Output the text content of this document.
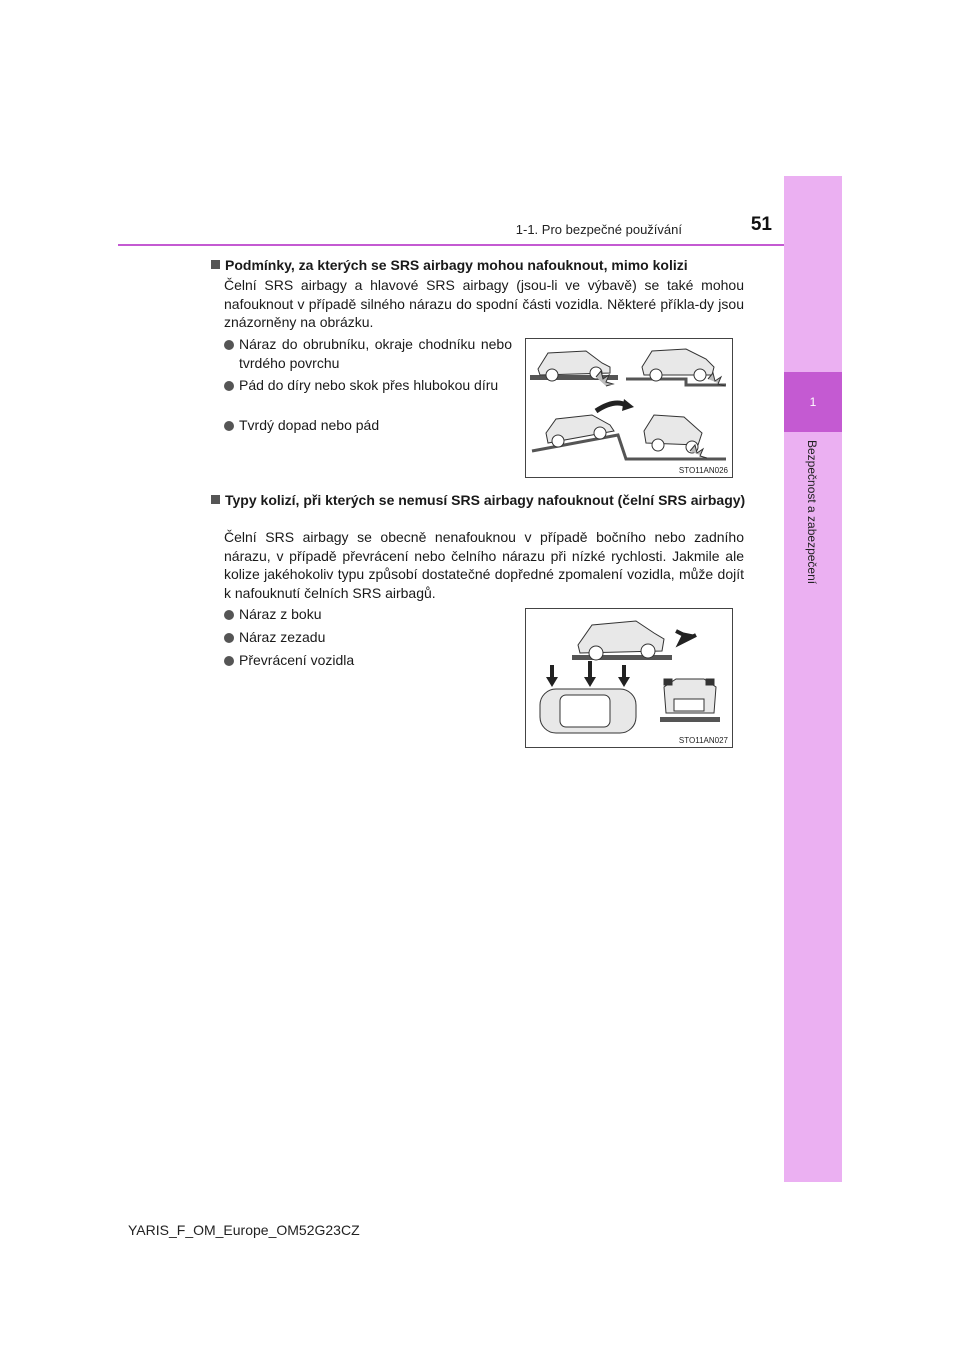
1-1. Pro bezpečné používání	51
1
Bezpečnost a zabezpečení
Podmínky, za kterých se SRS airbagy mohou nafouknout, mimo kolizi
Čelní SRS airbagy a hlavové SRS airbagy (jsou-li ve výbavě) se také mohou nafouknout v případě silného nárazu do spodní části vozidla. Některé příkla-dy jsou znázorněny na obrázku.
Náraz do obrubníku, okraje chodníku nebo tvrdého povrchu
Pád do díry nebo skok přes hlubokou díru
Tvrdý dopad nebo pád
STO11AN026
Typy kolizí, při kterých se nemusí SRS airbagy nafouknout (čelní SRS airbagy)
Čelní SRS airbagy se obecně nenafouknou v případě bočního nebo zadního nárazu, v případě převrácení nebo čelního nárazu při nízké rychlosti. Jakmile ale kolize jakéhokoliv typu způsobí dostatečné dopředné zpomalení vozidla, může dojít k nafouknutí čelních SRS airbagů.
Náraz z boku
Náraz zezadu
Převrácení vozidla
STO11AN027
YARIS_F_OM_Europe_OM52G23CZ
